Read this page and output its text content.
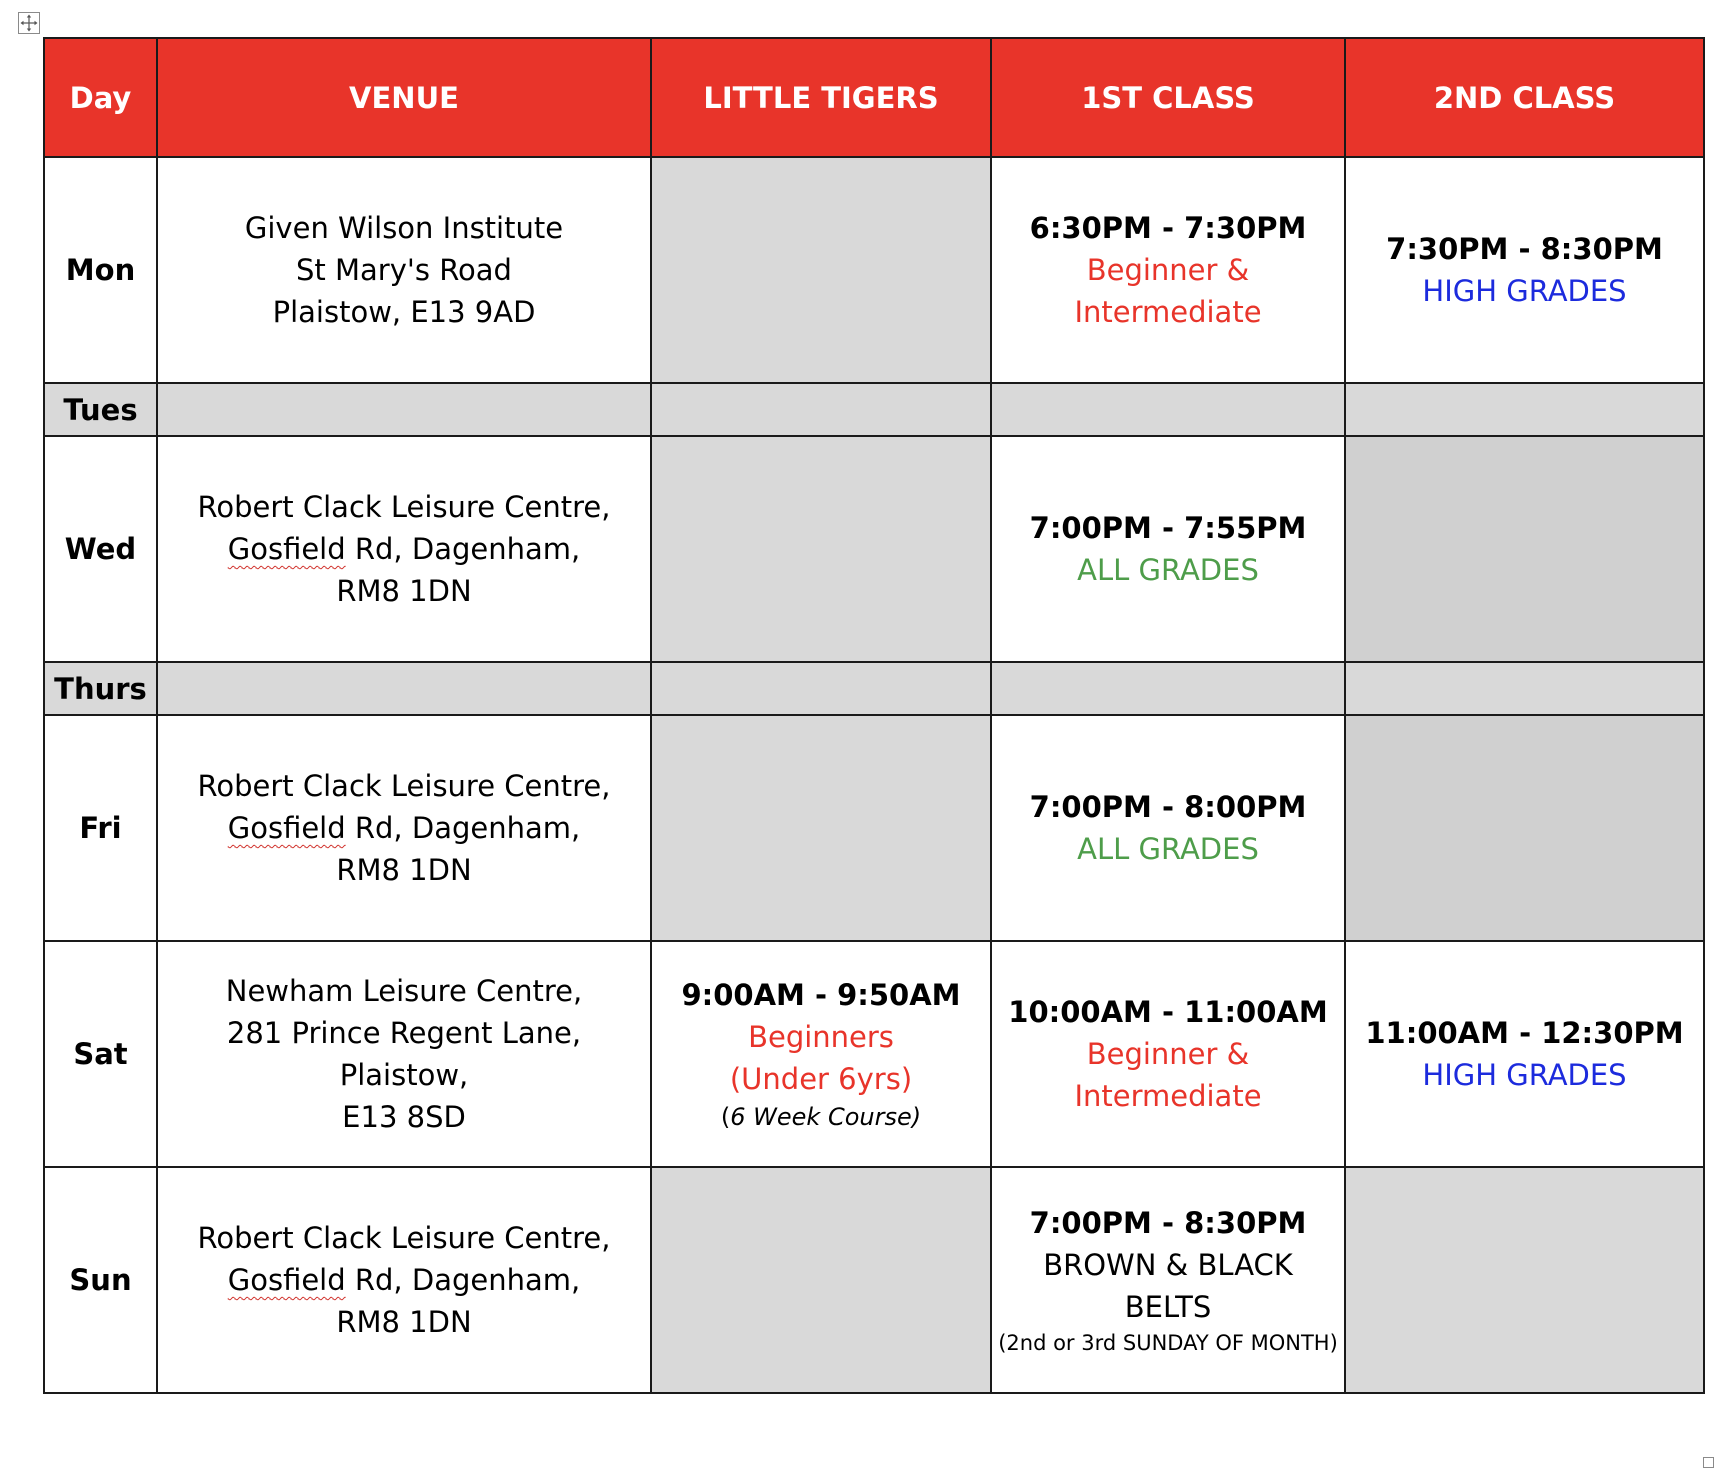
Day	VENUE	LITTLE TIGERS	1ST CLASS	2ND CLASS
Mon	Given Wilson Institute
St Mary's Road
Plaistow, E13 9AD		6:30PM - 7:30PM
Beginner &
Intermediate	7:30PM - 8:30PM
HIGH GRADES

Tues				
Wed	Robert Clack Leisure Centre,
Gosfield Rd, Dagenham,
RM8 1DN		7:00PM - 7:55PM
ALL GRADES	

Thurs				
Fri	Robert Clack Leisure Centre,
Gosfield Rd, Dagenham,
RM8 1DN		7:00PM - 8:00PM
ALL GRADES	

Sat	Newham Leisure Centre,
281 Prince Regent Lane, Plaistow,
E13 8SD	9:00AM - 9:50AM
Beginners
(Under 6yrs)
(6 Week Course)	10:00AM - 11:00AM
Beginner &
Intermediate	11:00AM - 12:30PM
HIGH GRADES

Sun	Robert Clack Leisure Centre,
Gosfield Rd, Dagenham,
RM8 1DN		7:00PM - 8:30PM
BROWN & BLACK BELTS
(2nd or 3rd SUNDAY OF MONTH)	
